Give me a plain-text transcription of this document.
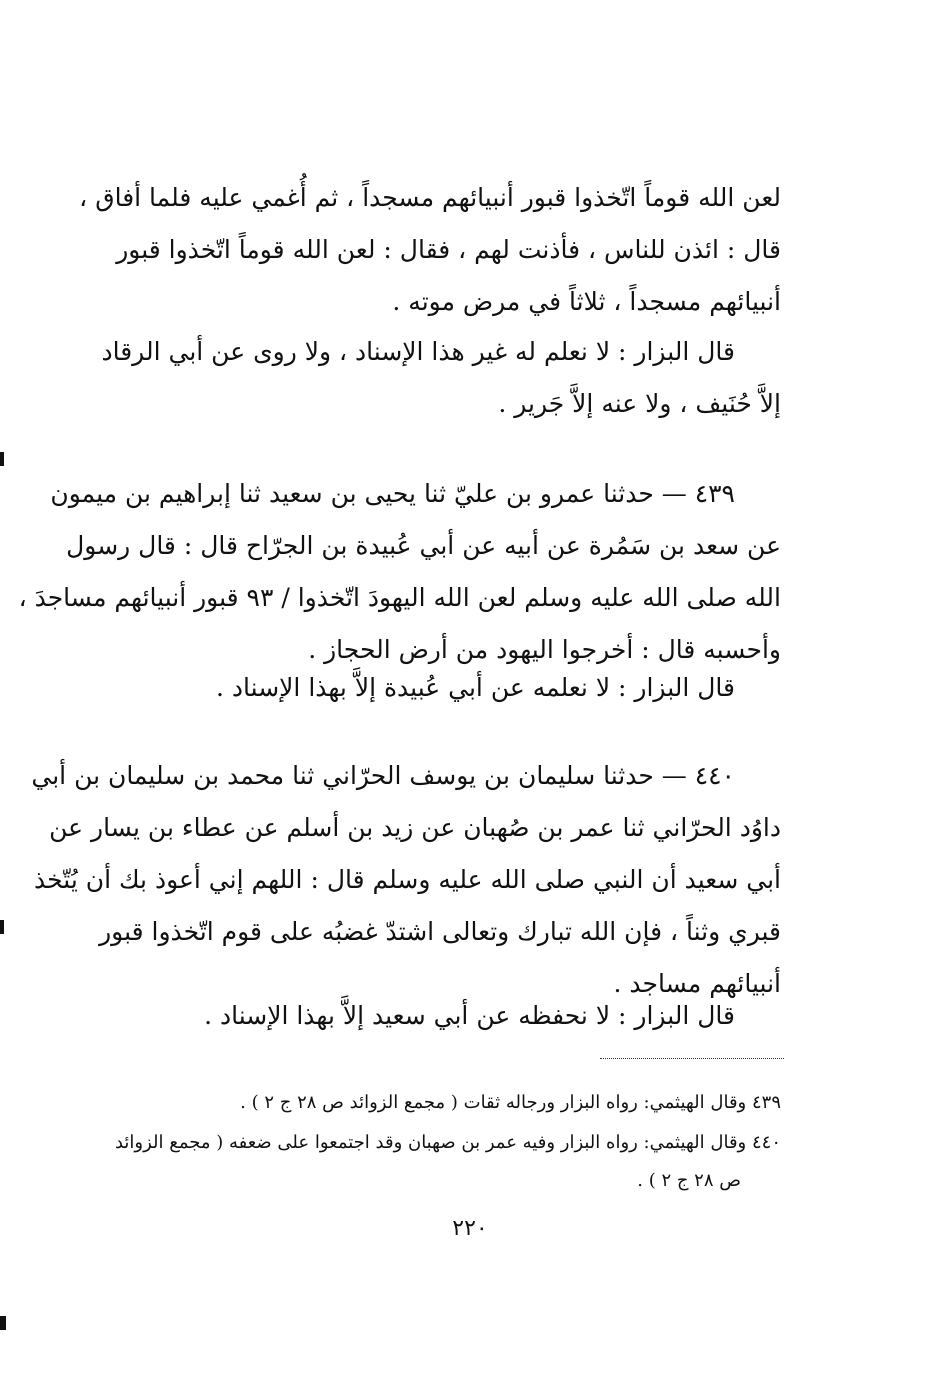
لعن الله قوماً اتّخذوا قبور أنبيائهم مسجداً ، ثم أُغمي عليه فلما أفاق ،
قال : ائذن للناس ، فأذنت لهم ، فقال : لعن الله قوماً اتّخذوا قبور
أنبيائهم مسجداً ، ثلاثاً في مرض موته .
قال البزار : لا نعلم له غير هذا الإسناد ، ولا روى عن أبي الرقاد
إلاَّ حُنَيف ، ولا عنه إلاَّ جَرير .
٤٣٩ — حدثنا عمرو بن عليّ ثنا يحيى بن سعيد ثنا إبراهيم بن ميمون
عن سعد بن سَمُرة عن أبيه عن أبي عُبيدة بن الجرّاح قال : قال رسول
الله صلى الله عليه وسلم لعن الله اليهودَ اتّخذوا / ٩٣ قبور أنبيائهم مساجدَ ،
وأحسبه قال : أخرجوا اليهود من أرض الحجاز .
قال البزار : لا نعلمه عن أبي عُبيدة إلاَّ بهذا الإسناد .
٤٤٠ — حدثنا سليمان بن يوسف الحرّاني ثنا محمد بن سليمان بن أبي
داوُد الحرّاني ثنا عمر بن صُهبان عن زيد بن أسلم عن عطاء بن يسار عن
أبي سعيد أن النبي صلى الله عليه وسلم قال : اللهم إني أعوذ بك أن يُتّخذ
قبري وثناً ، فإن الله تبارك وتعالى اشتدّ غضبُه على قوم اتّخذوا قبور
أنبيائهم مساجد .
قال البزار : لا نحفظه عن أبي سعيد إلاَّ بهذا الإسناد .
٤٣٩ وقال الهيثمي: رواه البزار ورجاله ثقات ( مجمع الزوائد ص ٢٨ ج ٢ ) .
٤٤٠ وقال الهيثمي: رواه البزار وفيه عمر بن صهبان وقد اجتمعوا على ضعفه ( مجمع الزوائد
ص ٢٨ ج ٢ ) .
٢٢٠
